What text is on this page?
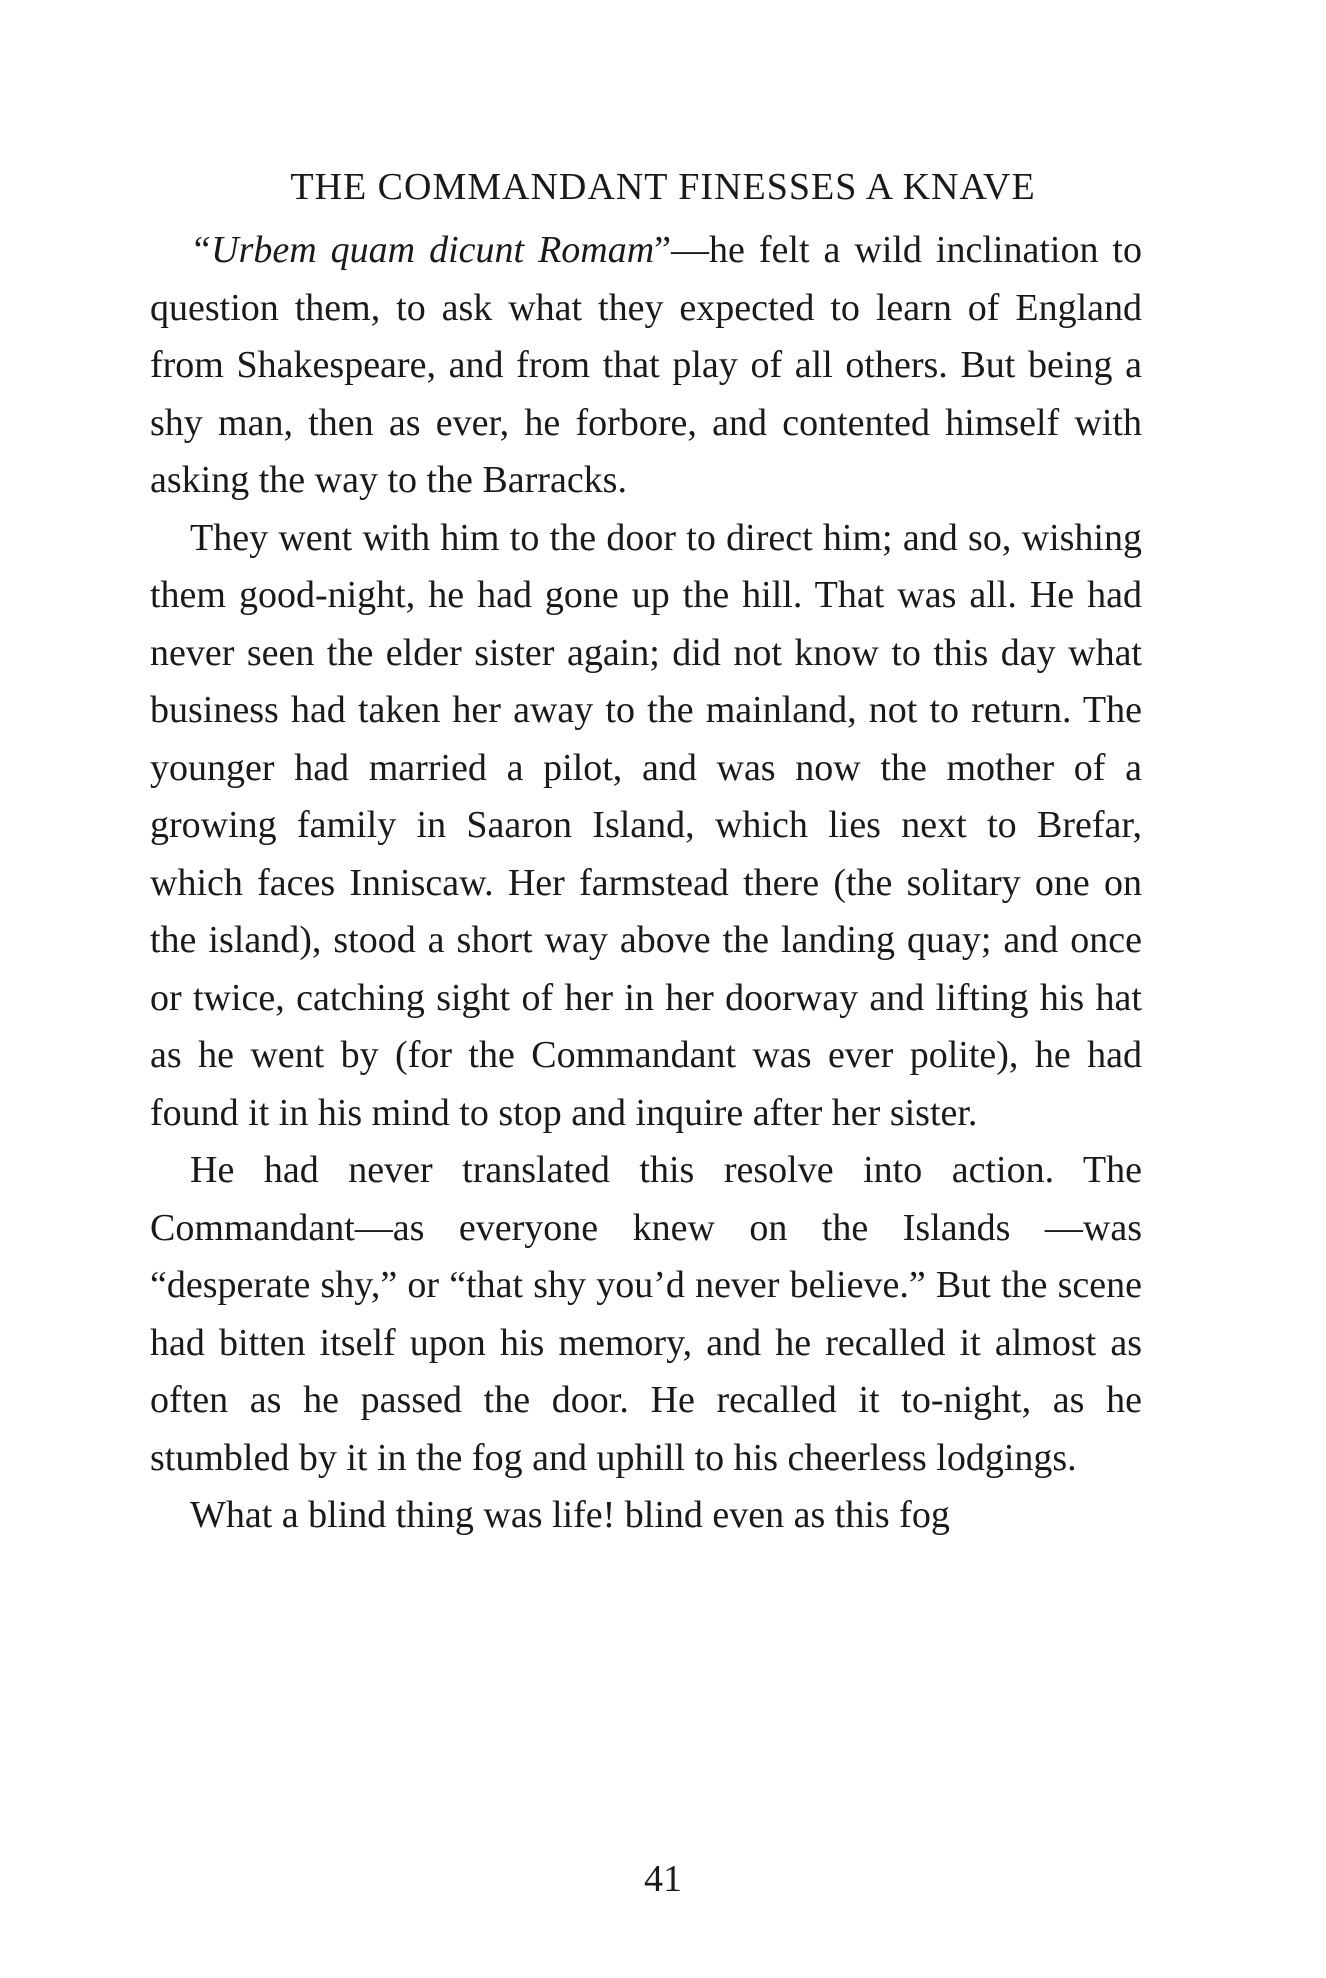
THE COMMANDANT FINESSES A KNAVE

“Urbem quam dicunt Romam”—he felt a wild inclination to question them, to ask what they expected to learn of England from Shakespeare, and from that play of all others. But being a shy man, then as ever, he forbore, and contented himself with asking the way to the Barracks.

They went with him to the door to direct him; and so, wishing them good-night, he had gone up the hill. That was all. He had never seen the elder sister again; did not know to this day what business had taken her away to the mainland, not to return. The younger had married a pilot, and was now the mother of a growing family in Saaron Island, which lies next to Brefar, which faces Inniscaw. Her farmstead there (the solitary one on the island), stood a short way above the landing quay; and once or twice, catching sight of her in her doorway and lifting his hat as he went by (for the Commandant was ever polite), he had found it in his mind to stop and inquire after her sister.

He had never translated this resolve into action. The Commandant—as everyone knew on the Islands —was “desperate shy,” or “that shy you’d never believe.” But the scene had bitten itself upon his memory, and he recalled it almost as often as he passed the door. He recalled it to-night, as he stumbled by it in the fog and uphill to his cheerless lodgings.

What a blind thing was life! blind even as this fog

41
